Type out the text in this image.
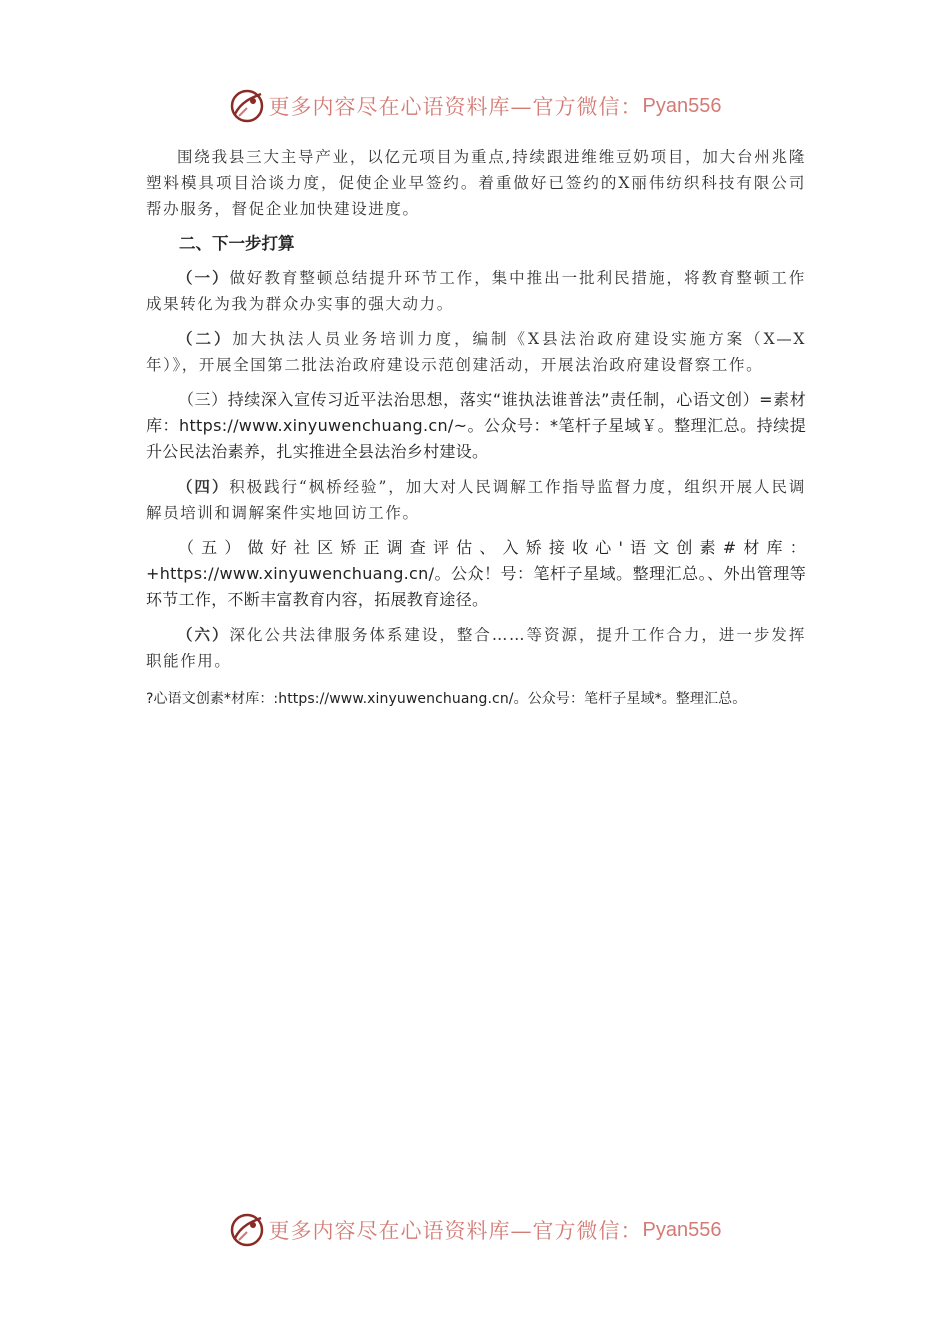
更多内容尽在心语资料库—官方微信： Pyan556

围绕我县三大主导产业，以亿元项目为重点,持续跟进维维豆奶项目，加大台州兆隆塑料模具项目洽谈力度，促使企业早签约。着重做好已签约的X丽伟纺织科技有限公司帮办服务，督促企业加快建设进度。

二、下一步打算

（一）做好教育整顿总结提升环节工作，集中推出一批利民措施，将教育整顿工作成果转化为我为群众办实事的强大动力。

（二）加大执法人员业务培训力度，编制《X县法治政府建设实施方案（X—X年）》，开展全国第二批法治政府建设示范创建活动，开展法治政府建设督察工作。

（三）持续深入宣传习近平法治思想，落实“谁执法谁普法”责任制，心语文创）=素材库：https://www.xinyuwenchuang.cn/~。公众号：*笔杆子星域￥。整理汇总。持续提升公民法治素养，扎实推进全县法治乡村建设。

（四）积极践行“枫桥经验”，加大对人民调解工作指导监督力度，组织开展人民调解员培训和调解案件实地回访工作。

（五）做好社区矫正调查评估、入矫接收心'语文创素#材库：+https://www.xinyuwenchuang.cn/。公众！号：笔杆子星域。整理汇总。、外出管理等环节工作，不断丰富教育内容，拓展教育途径。

（六）深化公共法律服务体系建设，整合……等资源，提升工作合力，进一步发挥职能作用。

?心语文创素*材库：:https://www.xinyuwenchuang.cn/。公众号：笔杆子星域*。整理汇总。

更多内容尽在心语资料库—官方微信： Pyan556
